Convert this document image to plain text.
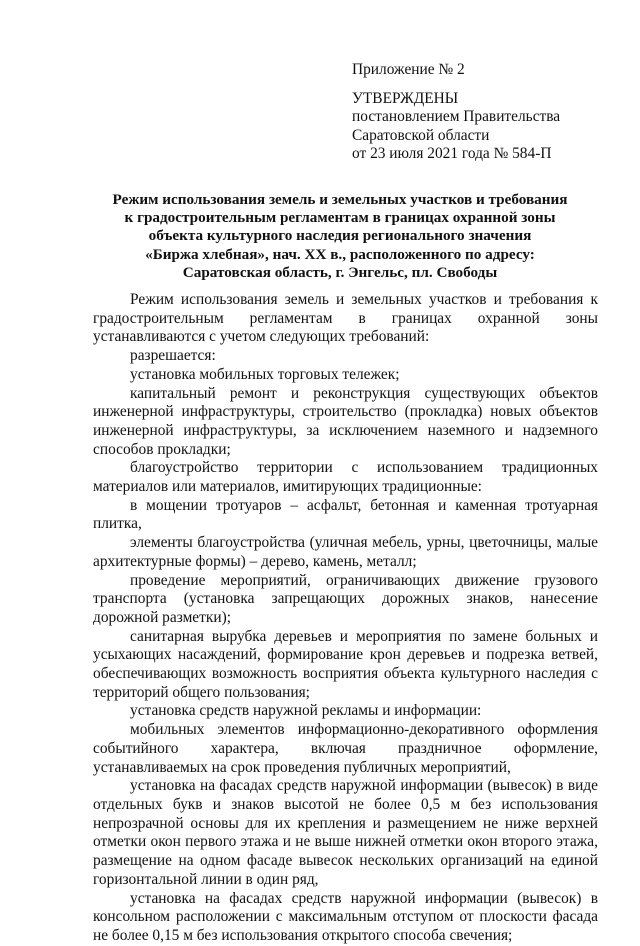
Приложение № 2
УТВЕРЖДЕНЫ
постановлением Правительства
Саратовской области
от 23 июля 2021 года № 584-П
Режим использования земель и земельных участков и требования
к градостроительным регламентам в границах охранной зоны
объекта культурного наследия регионального значения
«Биржа хлебная», нач. XX в., расположенного по адресу:
Саратовская область, г. Энгельс, пл. Свободы

Режим использования земель и земельных участков и требования к градостроительным регламентам в границах охранной зоны устанавливаются с учетом следующих требований:

разрешается:

установка мобильных торговых тележек;

капитальный ремонт и реконструкция существующих объектов инженерной инфраструктуры, строительство (прокладка) новых объектов инженерной инфраструктуры, за исключением наземного и надземного способов прокладки;

благоустройство территории с использованием традиционных материалов или материалов, имитирующих традиционные:

в мощении тротуаров – асфальт, бетонная и каменная тротуарная плитка,

элементы благоустройства (уличная мебель, урны, цветочницы, малые архитектурные формы) – дерево, камень, металл;

проведение мероприятий, ограничивающих движение грузового транспорта (установка запрещающих дорожных знаков, нанесение дорожной разметки);

санитарная вырубка деревьев и мероприятия по замене больных и усыхающих насаждений, формирование крон деревьев и подрезка ветвей, обеспечивающих возможность восприятия объекта культурного наследия с территорий общего пользования;

установка средств наружной рекламы и информации:

мобильных элементов информационно-декоративного оформления событийного характера, включая праздничное оформление, устанавливаемых на срок проведения публичных мероприятий,

установка на фасадах средств наружной информации (вывесок) в виде отдельных букв и знаков высотой не более 0,5 м без использования непрозрачной основы для их крепления и размещением не ниже верхней отметки окон первого этажа и не выше нижней отметки окон второго этажа, размещение на одном фасаде вывесок нескольких организаций на единой горизонтальной линии в один ряд,

установка на фасадах средств наружной информации (вывесок) в консольном расположении с максимальным отступом от плоскости фасада не более 0,15 м без использования открытого способа свечения;
